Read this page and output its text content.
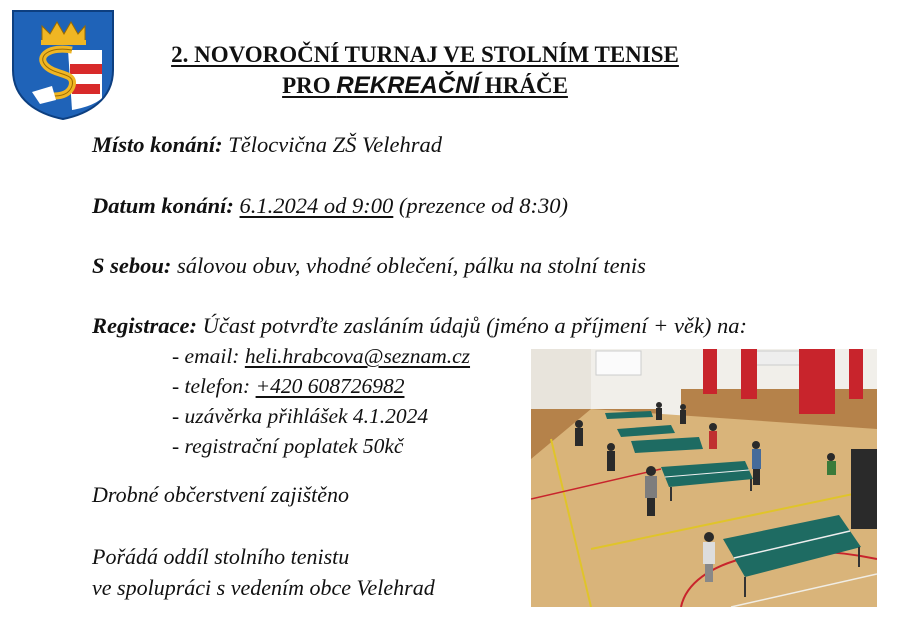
2. NOVOROČNÍ TURNAJ VE STOLNÍM TENISE
PRO REKREAČNÍ HRÁČE
Místo konání: Tělocvična ZŠ Velehrad
Datum konání: 6.1.2024 od 9:00 (prezence od 8:30)
S sebou: sálovou obuv, vhodné oblečení, pálku na stolní tenis
Registrace: Účast potvrďte zasláním údajů (jméno a příjmení + věk) na:
- email: heli.hrabcova@seznam.cz
- telefon: +420 608726982
- uzávěrka přihlášek 4.1.2024
- registrační poplatek 50kč
Drobné občerstvení zajištěno
Pořádá oddíl stolního tenistu
ve spolupráci s vedením obce Velehrad
